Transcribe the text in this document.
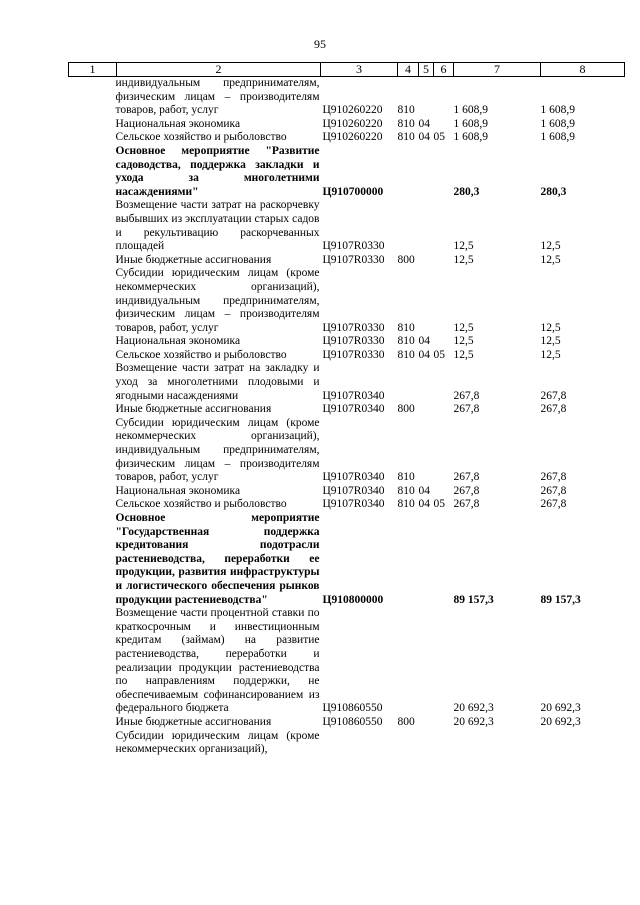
95
1	2	3	4	5	6	7	8
индивидуальным предпринимателям, физическим лицам – производителям товаров, работ, услуг		Ц910260220	810			1 608,9	1 608,9
Национальная экономика		Ц910260220	810	04		1 608,9	1 608,9
Сельское хозяйство и рыболовство		Ц910260220	810	04	05	1 608,9	1 608,9
Основное мероприятие "Развитие садоводства, поддержка закладки и ухода за многолетними насаждениями"		Ц910700000				280,3	280,3
Возмещение части затрат на раскорчевку выбывших из эксплуатации старых садов и рекультивацию раскорчеванных площадей		Ц9107R0330				12,5	12,5
Иные бюджетные ассигнования		Ц9107R0330	800			12,5	12,5
Субсидии юридическим лицам (кроме некоммерческих организаций), индивидуальным предпринимателям, физическим лицам – производителям товаров, работ, услуг		Ц9107R0330	810			12,5	12,5
Национальная экономика		Ц9107R0330	810	04		12,5	12,5
Сельское хозяйство и рыболовство		Ц9107R0330	810	04	05	12,5	12,5
Возмещение части затрат на закладку и уход за многолетними плодовыми и ягодными насаждениями		Ц9107R0340				267,8	267,8
Иные бюджетные ассигнования		Ц9107R0340	800			267,8	267,8
Субсидии юридическим лицам (кроме некоммерческих организаций), индивидуальным предпринимателям, физическим лицам – производителям товаров, работ, услуг		Ц9107R0340	810			267,8	267,8
Национальная экономика		Ц9107R0340	810	04		267,8	267,8
Сельское хозяйство и рыболовство		Ц9107R0340	810	04	05	267,8	267,8
Основное мероприятие "Государственная поддержка кредитования подотрасли растениеводства, переработки ее продукции, развития инфраструктуры и логистического обеспечения рынков продукции растениеводства"		Ц910800000				89 157,3	89 157,3
Возмещение части процентной ставки по краткосрочным и инвестиционным кредитам (займам) на развитие растениеводства, переработки и реализации продукции растениеводства по направлениям поддержки, не обеспечиваемым софинансированием из федерального бюджета		Ц910860550				20 692,3	20 692,3
Иные бюджетные ассигнования		Ц910860550	800			20 692,3	20 692,3
Субсидии юридическим лицам (кроме некоммерческих организаций),							
